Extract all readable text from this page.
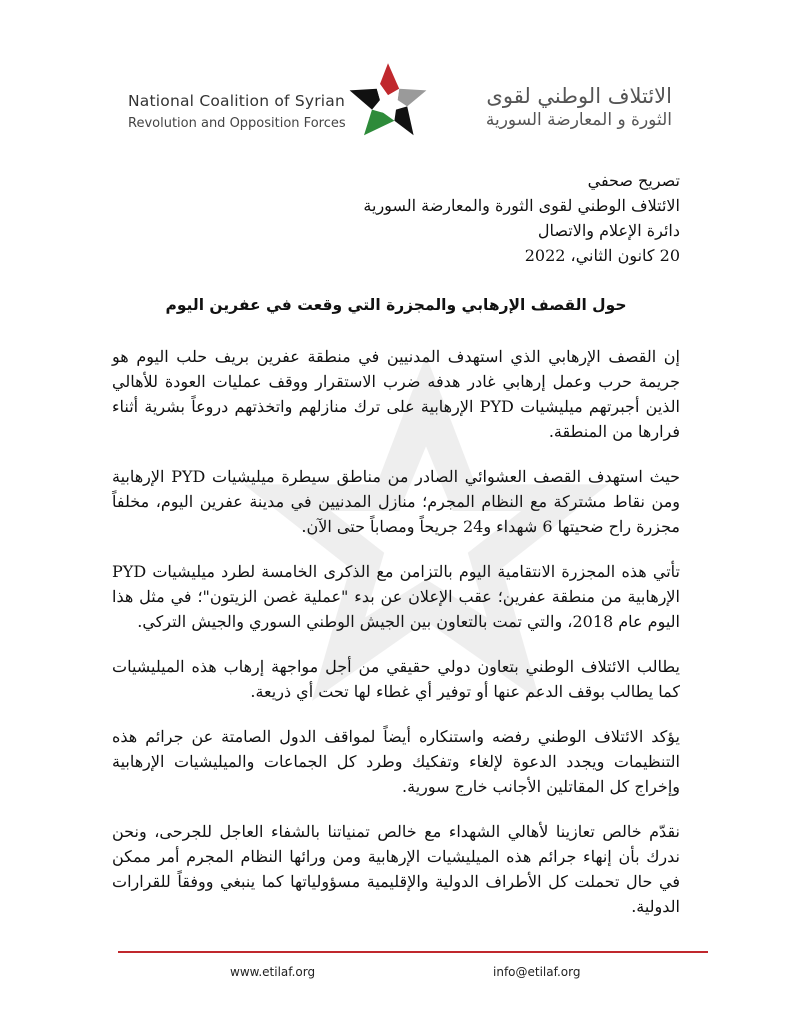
National Coalition of Syrian
Revolution and Opposition Forces
الائتلاف الوطني لقوى
الثورة و المعارضة السورية
تصريح صحفي
الائتلاف الوطني لقوى الثورة والمعارضة السورية
دائرة الإعلام والاتصال
20 كانون الثاني، 2022
حول القصف الإرهابي والمجزرة التي وقعت في عفرين اليوم

إن القصف الإرهابي الذي استهدف المدنيين في منطقة عفرين بريف حلب اليوم هو جريمة حرب وعمل إرهابي غادر هدفه ضرب الاستقرار ووقف عمليات العودة للأهالي الذين أجبرتهم ميليشيات PYD الإرهابية على ترك منازلهم واتخذتهم دروعاً بشرية أثناء فرارها من المنطقة.

حيث استهدف القصف العشوائي الصادر من مناطق سيطرة ميليشيات PYD الإرهابية ومن نقاط مشتركة مع النظام المجرم؛ منازل المدنيين في مدينة عفرين اليوم، مخلفاً مجزرة راح ضحيتها 6 شهداء و24 جريحاً ومصاباً حتى الآن.

تأتي هذه المجزرة الانتقامية اليوم بالتزامن مع الذكرى الخامسة لطرد ميليشيات PYD الإرهابية من منطقة عفرين؛ عقب الإعلان عن بدء "عملية غصن الزيتون"؛ في مثل هذا اليوم عام 2018، والتي تمت بالتعاون بين الجيش الوطني السوري والجيش التركي.

يطالب الائتلاف الوطني بتعاون دولي حقيقي من أجل مواجهة إرهاب هذه الميليشيات كما يطالب بوقف الدعم عنها أو توفير أي غطاء لها تحت أي ذريعة.

يؤكد الائتلاف الوطني رفضه واستنكاره أيضاً لمواقف الدول الصامتة عن جرائم هذه التنظيمات ويجدد الدعوة لإلغاء وتفكيك وطرد كل الجماعات والميليشيات الإرهابية وإخراج كل المقاتلين الأجانب خارج سورية.

نقدّم خالص تعازينا لأهالي الشهداء مع خالص تمنياتنا بالشفاء العاجل للجرحى، ونحن ندرك بأن إنهاء جرائم هذه الميليشيات الإرهابية ومن ورائها النظام المجرم أمر ممكن في حال تحملت كل الأطراف الدولية والإقليمية مسؤولياتها كما ينبغي ووفقاً للقرارات الدولية.

www.etilaf.org	info@etilaf.org
